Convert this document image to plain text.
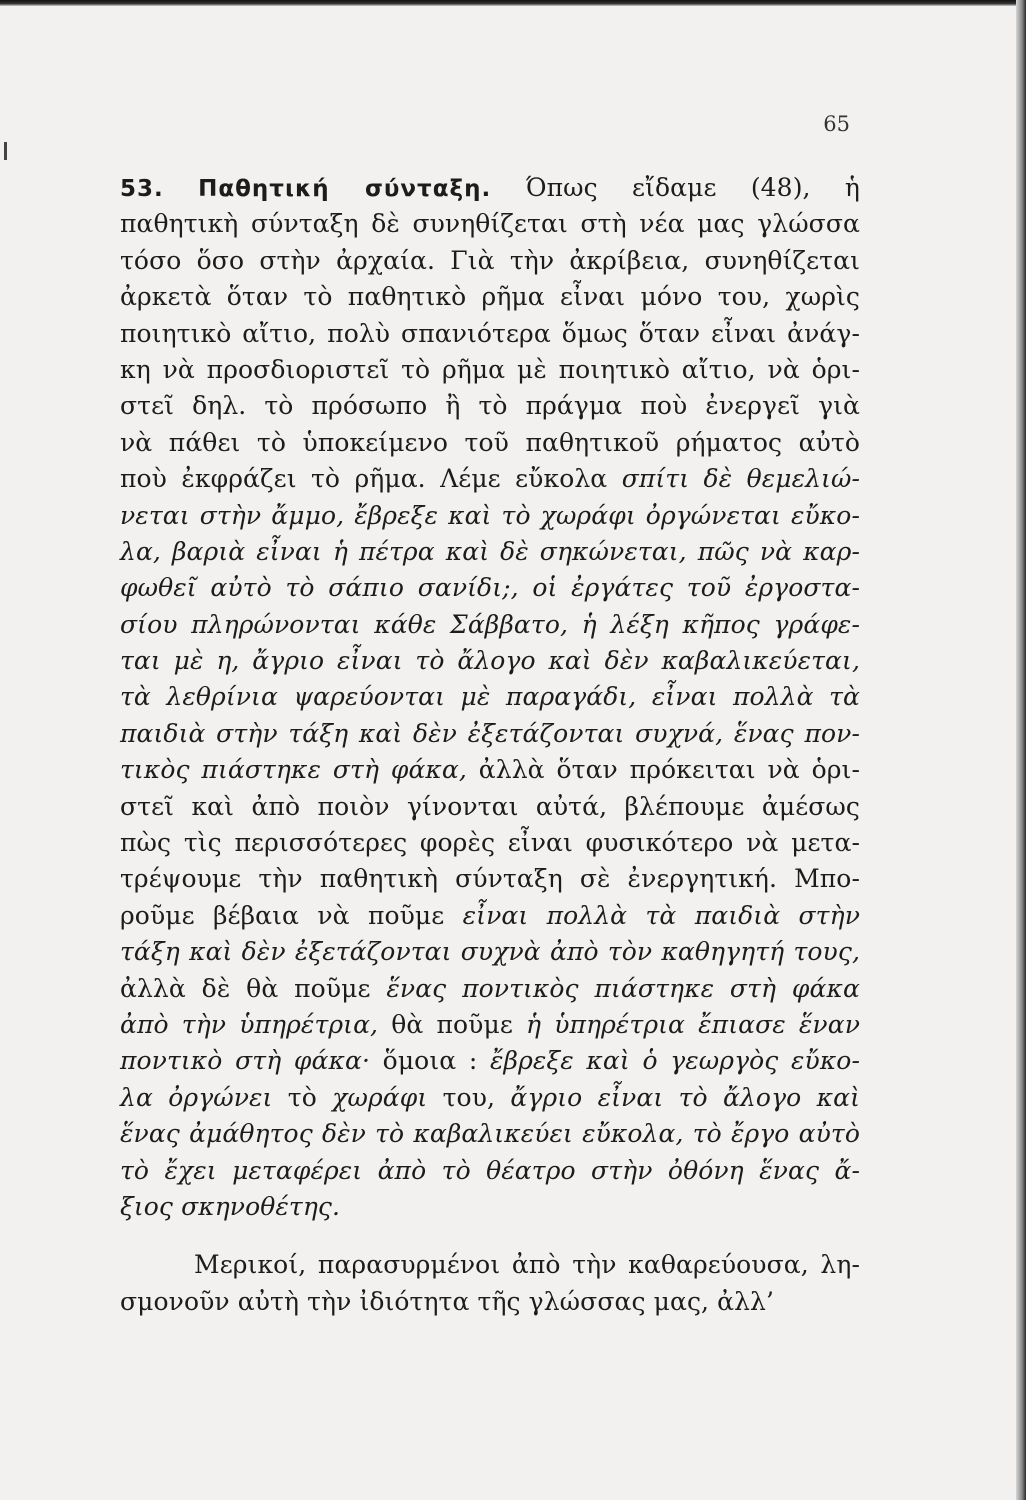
65
53. Παθητική σύνταξη. Όπως εἴδαμε (48), ἡ
παθητικὴ σύνταξη δὲ συνηθίζεται στὴ νέα μας γλώσσα
τόσο ὅσο στὴν ἀρχαία. Γιὰ τὴν ἀκρίβεια, συνηθίζεται
ἀρκετὰ ὅταν τὸ παθητικὸ ρῆμα εἶναι μόνο του, χωρὶς
ποιητικὸ αἴτιο, πολὺ σπανιότερα ὅμως ὅταν εἶναι ἀνάγ-
κη νὰ προσδιοριστεῖ τὸ ρῆμα μὲ ποιητικὸ αἴτιο, νὰ ὁρι-
στεῖ δηλ. τὸ πρόσωπο ἢ τὸ πράγμα ποὺ ἐνεργεῖ γιὰ
νὰ πάθει τὸ ὑποκείμενο τοῦ παθητικοῦ ρήματος αὐτὸ
ποὺ ἐκφράζει τὸ ρῆμα. Λέμε εὔκολα σπίτι δὲ θεμελιώ-
νεται στὴν ἄμμο, ἔβρεξε καὶ τὸ χωράφι ὀργώνεται εὔκο-
λα, βαριὰ εἶναι ἡ πέτρα καὶ δὲ σηκώνεται, πῶς νὰ καρ-
φωθεῖ αὐτὸ τὸ σάπιο σανίδι;, οἱ ἐργάτες τοῦ ἐργοστα-
σίου πληρώνονται κάθε Σάββατο, ἡ λέξη κῆπος γράφε-
ται μὲ η, ἄγριο εἶναι τὸ ἄλογο καὶ δὲν καβαλικεύεται,
τὰ λεθρίνια ψαρεύονται μὲ παραγάδι, εἶναι πολλὰ τὰ
παιδιὰ στὴν τάξη καὶ δὲν ἐξετάζονται συχνά, ἕνας πον-
τικὸς πιάστηκε στὴ φάκα, ἀλλὰ ὅταν πρόκειται νὰ ὁρι-
στεῖ καὶ ἀπὸ ποιὸν γίνονται αὐτά, βλέπουμε ἀμέσως
πὼς τὶς περισσότερες φορὲς εἶναι φυσικότερο νὰ μετα-
τρέψουμε τὴν παθητικὴ σύνταξη σὲ ἐνεργητική. Μπο-
ροῦμε βέβαια νὰ ποῦμε εἶναι πολλὰ τὰ παιδιὰ στὴν
τάξη καὶ δὲν ἐξετάζονται συχνὰ ἀπὸ τὸν καθηγητή τους,
ἀλλὰ δὲ θὰ ποῦμε ἕνας ποντικὸς πιάστηκε στὴ φάκα
ἀπὸ τὴν ὑπηρέτρια, θὰ ποῦμε ἡ ὑπηρέτρια ἔπιασε ἕναν
ποντικὸ στὴ φάκα· ὅμοια : ἔβρεξε καὶ ὁ γεωργὸς εὔκο-
λα ὀργώνει τὸ χωράφι του, ἄγριο εἶναι τὸ ἄλογο καὶ
ἕνας ἀμάθητος δὲν τὸ καβαλικεύει εὔκολα, τὸ ἔργο αὐτὸ
τὸ ἔχει μεταφέρει ἀπὸ τὸ θέατρο στὴν ὀθόνη ἕνας ἄ-
ξιος σκηνοθέτης.
Μερικοί, παρασυρμένοι ἀπὸ τὴν καθαρεύουσα, λη-
σμονοῦν αὐτὴ τὴν ἰδιότητα τῆς γλώσσας μας, ἀλλ’
